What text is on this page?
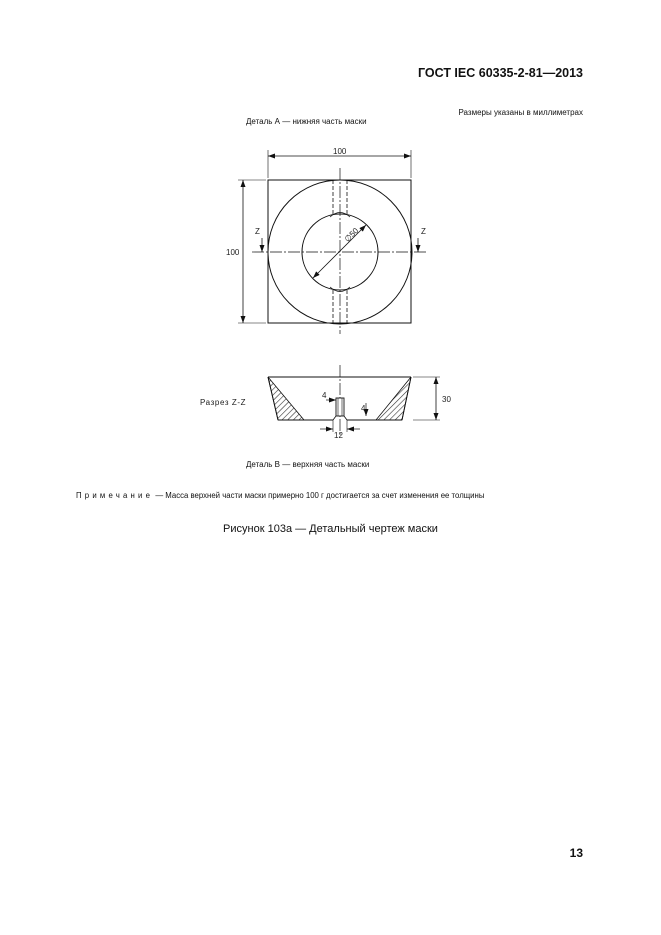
ГОСТ IEC 60335-2-81—2013
Размеры указаны в миллиметрах
Деталь А — нижняя часть маски
∅50
100
100
Z	Z
30
4
4
12
Разрез Z-Z
Деталь В — верхняя часть маски
Примечание — Масса верхней части маски примерно 100 г достигается за счет изменения ее толщины
Рисунок 103а — Детальный чертеж маски
13
